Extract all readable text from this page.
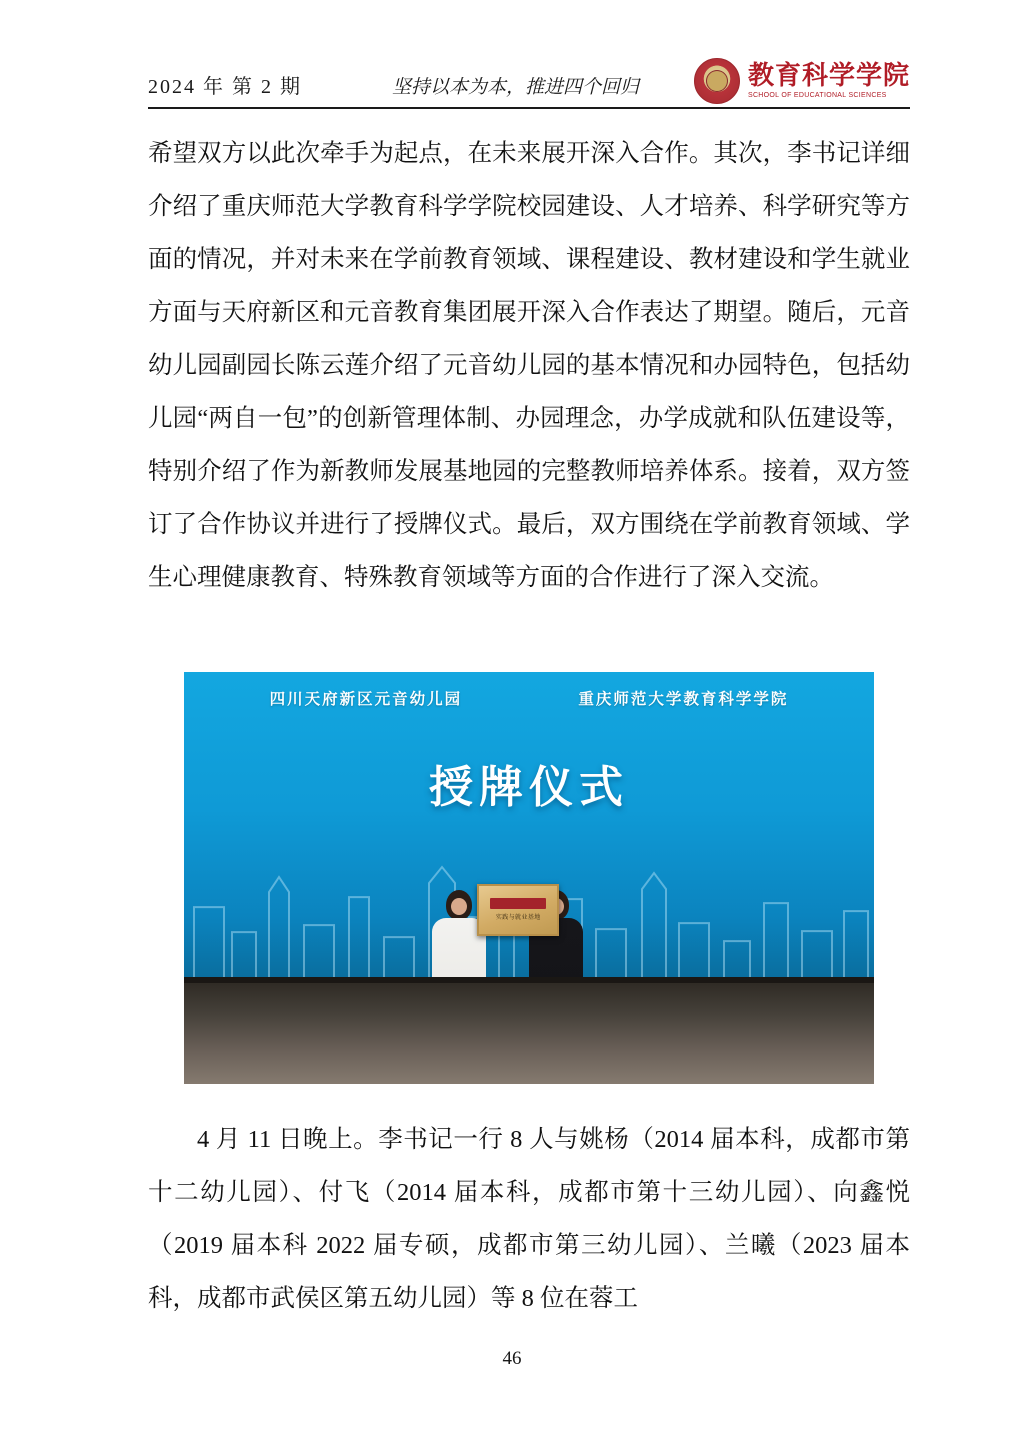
2024 年 第 2 期	坚持以本为本，推进四个回归	教育科学学院
SCHOOL OF EDUCATIONAL SCIENCES
希望双方以此次牵手为起点，在未来展开深入合作。其次，李书记详细介绍了重庆师范大学教育科学学院校园建设、人才培养、科学研究等方面的情况，并对未来在学前教育领域、课程建设、教材建设和学生就业方面与天府新区和元音教育集团展开深入合作表达了期望。随后，元音幼儿园副园长陈云莲介绍了元音幼儿园的基本情况和办园特色，包括幼儿园“两自一包”的创新管理体制、办园理念，办学成就和队伍建设等，特别介绍了作为新教师发展基地园的完整教师培养体系。接着，双方签订了合作协议并进行了授牌仪式。最后，双方围绕在学前教育领域、学生心理健康教育、特殊教育领域等方面的合作进行了深入交流。
四川天府新区元音幼儿园	重庆师范大学教育科学学院
授牌仪式
实践与就业基地
4 月 11 日晚上。李书记一行 8 人与姚杨（2014 届本科，成都市第十二幼儿园）、付飞（2014 届本科，成都市第十三幼儿园）、向鑫悦（2019 届本科 2022 届专硕，成都市第三幼儿园）、兰曦（2023 届本科，成都市武侯区第五幼儿园）等 8 位在蓉工
46
